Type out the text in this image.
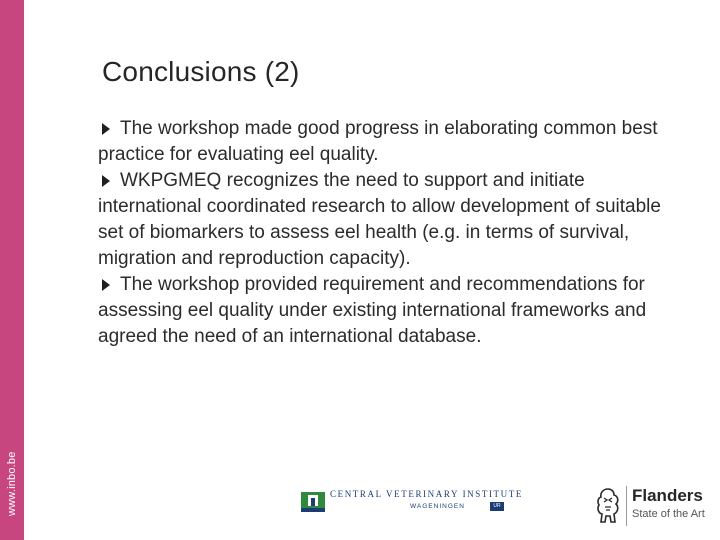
www.inbo.be
Conclusions (2)
The workshop made good progress in elaborating common best practice for evaluating eel quality.
WKPGMEQ recognizes the need to support and initiate international coordinated research to allow development of suitable set of biomarkers to assess eel health (e.g. in terms of survival, migration and reproduction capacity).
The workshop provided requirement and recommendations for assessing eel quality under existing international frameworks and agreed the need of an international database.
CENTRAL VETERINARY INSTITUTE
WAGENINGEN	UR
Flanders
State of the Art
